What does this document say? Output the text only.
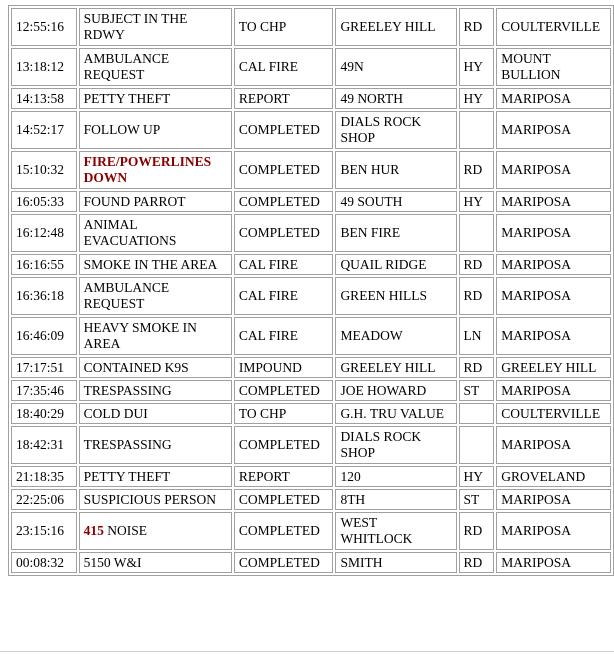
12:55:16	SUBJECT IN THE RDWY	TO CHP	GREELEY HILL	RD	COULTERVILLE
13:18:12	AMBULANCE REQUEST	CAL FIRE	49N	HY	MOUNT BULLION
14:13:58	PETTY THEFT	REPORT	49 NORTH	HY	MARIPOSA
14:52:17	FOLLOW UP	COMPLETED	DIALS ROCK SHOP		MARIPOSA
15:10:32	FIRE/POWERLINES DOWN	COMPLETED	BEN HUR	RD	MARIPOSA
16:05:33	FOUND PARROT	COMPLETED	49 SOUTH	HY	MARIPOSA
16:12:48	ANIMAL EVACUATIONS	COMPLETED	BEN FIRE		MARIPOSA
16:16:55	SMOKE IN THE AREA	CAL FIRE	QUAIL RIDGE	RD	MARIPOSA
16:36:18	AMBULANCE REQUEST	CAL FIRE	GREEN HILLS	RD	MARIPOSA
16:46:09	HEAVY SMOKE IN AREA	CAL FIRE	MEADOW	LN	MARIPOSA
17:17:51	CONTAINED K9S	IMPOUND	GREELEY HILL	RD	GREELEY HILL
17:35:46	TRESPASSING	COMPLETED	JOE HOWARD	ST	MARIPOSA
18:40:29	COLD DUI	TO CHP	G.H. TRU VALUE		COULTERVILLE
18:42:31	TRESPASSING	COMPLETED	DIALS ROCK SHOP		MARIPOSA
21:18:35	PETTY THEFT	REPORT	120	HY	GROVELAND
22:25:06	SUSPICIOUS PERSON	COMPLETED	8TH	ST	MARIPOSA
23:15:16	415 NOISE	COMPLETED	WEST WHITLOCK	RD	MARIPOSA
00:08:32	5150 W&I	COMPLETED	SMITH	RD	MARIPOSA
